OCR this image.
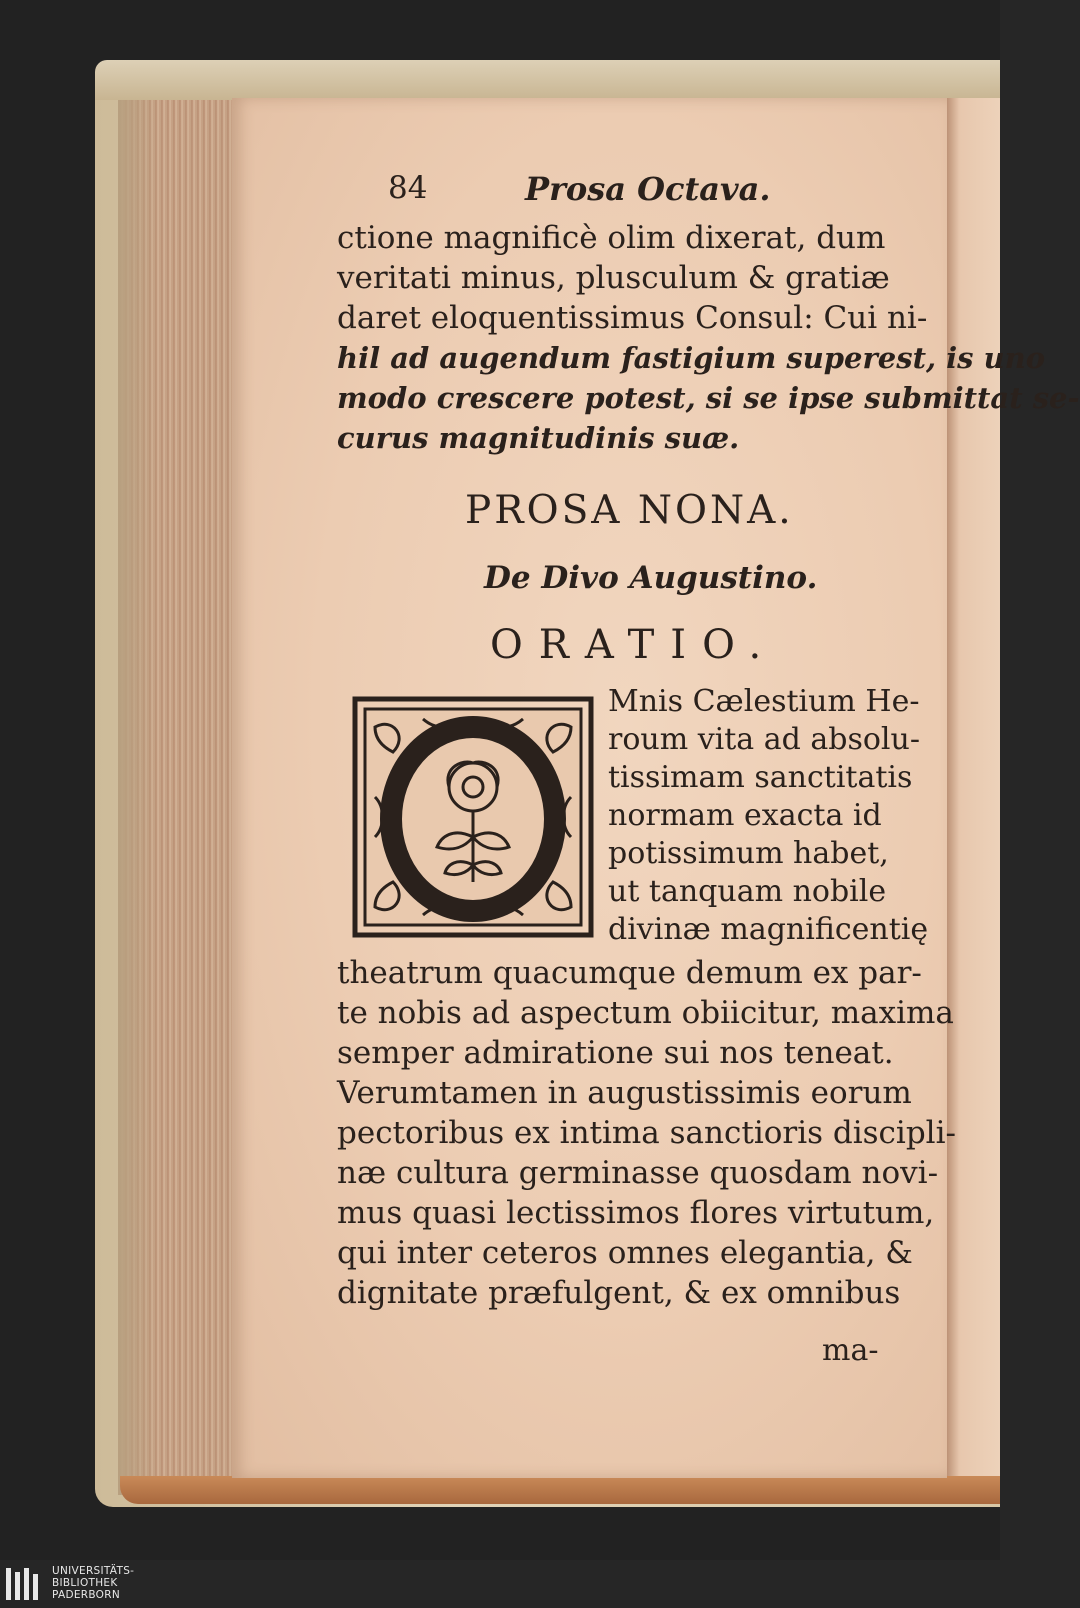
84	Prosa Octava.
ctione magnificè olim dixerat, dum
veritati minus, plusculum & gratiæ
daret eloquentissimus Consul: Cui ni-
hil ad augendum fastigium superest, is uno
modo crescere potest, si se ipse submittat se-
curus magnitudinis suæ.
PROSA NONA.
De Divo Augustino.
ORATIO.
O	Mnis Cælestium He-
roum vita ad absolu-
tissimam sanctitatis
normam exacta id
potissimum habet,
ut tanquam nobile
divinæ magnificentię
theatrum quacumque demum ex par-
te nobis ad aspectum obiicitur, maxima
semper admiratione sui nos teneat.
Verumtamen in augustissimis eorum
pectoribus ex intima sanctioris discipli-
næ cultura germinasse quosdam novi-
mus quasi lectissimos flores virtutum,
qui inter ceteros omnes elegantia, &
dignitate præfulgent, & ex omnibus
ma-
UNIVERSITÄTS-
BIBLIOTHEK
PADERBORN
